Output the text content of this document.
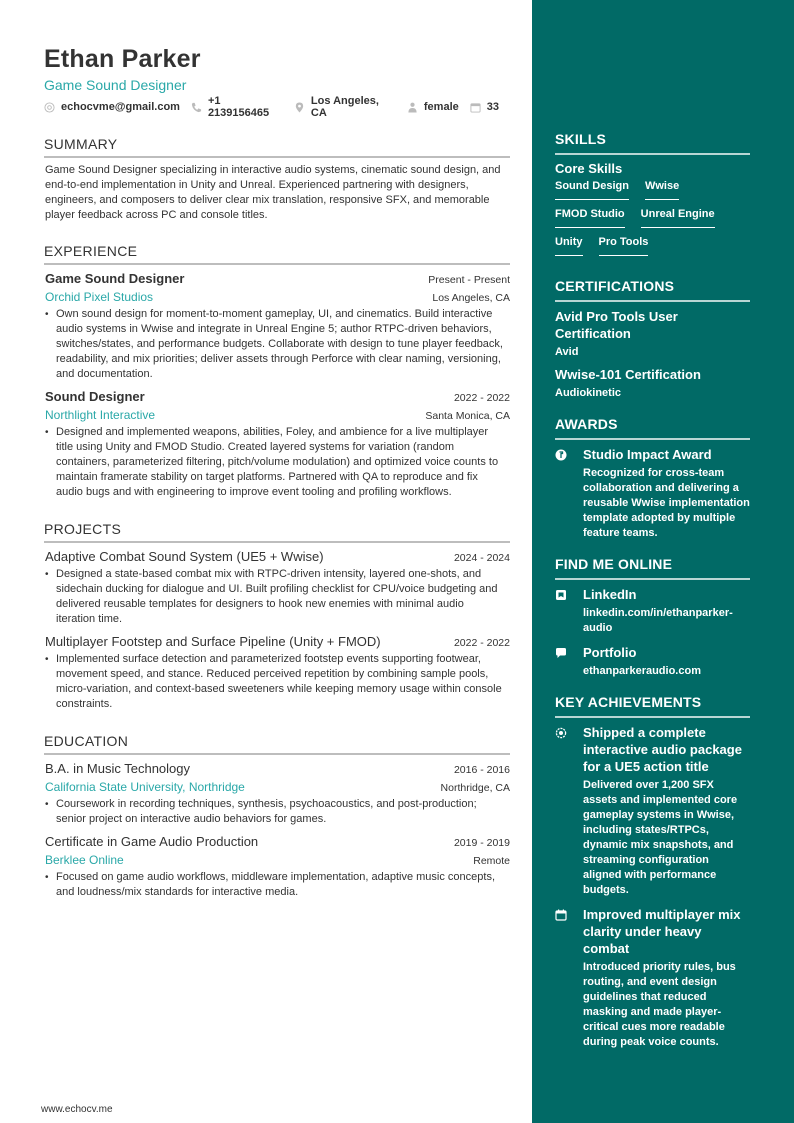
Ethan Parker
Game Sound Designer
echocvme@gmail.com	+1 2139156465
Los Angeles, CA	female	33
SUMMARY
Game Sound Designer specializing in interactive audio systems, cinematic sound design, and end-to-end implementation in Unity and Unreal. Experienced partnering with designers, engineers, and composers to deliver clear mix translation, responsive SFX, and memorable player feedback across PC and console titles.
EXPERIENCE
Game Sound Designer	Present - Present
Orchid Pixel Studios	Los Angeles, CA
• Own sound design for moment-to-moment gameplay, UI, and cinematics. Build interactive audio systems in Wwise and integrate in Unreal Engine 5; author RTPC-driven behaviors, switches/states, and performance budgets. Collaborate with design to tune player feedback, readability, and mix priorities; deliver assets through Perforce with clear naming, versioning, and documentation.
Sound Designer	2022 - 2022
Northlight Interactive	Santa Monica, CA
• Designed and implemented weapons, abilities, Foley, and ambience for a live multiplayer title using Unity and FMOD Studio. Created layered systems for variation (random containers, parameterized filtering, pitch/volume modulation) and optimized voice counts to maintain framerate stability on target platforms. Partnered with QA to reproduce and fix audio bugs and with engineering to improve event tooling and profiling workflows.
PROJECTS
Adaptive Combat Sound System (UE5 + Wwise)	2024 - 2024
• Designed a state-based combat mix with RTPC-driven intensity, layered one-shots, and sidechain ducking for dialogue and UI. Built profiling checklist for CPU/voice budgeting and delivered reusable templates for designers to hook new enemies with minimal audio iteration time.
Multiplayer Footstep and Surface Pipeline (Unity + FMOD)	2022 - 2022
• Implemented surface detection and parameterized footstep events supporting footwear, movement speed, and stance. Reduced perceived repetition by combining sample pools, micro-variation, and context-based sweeteners while keeping memory usage within console constraints.
EDUCATION
B.A. in Music Technology	2016 - 2016
California State University, Northridge	Northridge, CA
• Coursework in recording techniques, synthesis, psychoacoustics, and post-production; senior project on interactive audio behaviors for games.
Certificate in Game Audio Production	2019 - 2019
Berklee Online	Remote
• Focused on game audio workflows, middleware implementation, adaptive music concepts, and loudness/mix standards for interactive media.
www.echocv.me
SKILLS
Core Skills
Sound Design Wwise
FMOD Studio Unreal Engine
Unity Pro Tools
CERTIFICATIONS
Avid Pro Tools User Certification
Avid
Wwise-101 Certification
Audiokinetic
AWARDS
Studio Impact Award
Recognized for cross-team collaboration and delivering a reusable Wwise implementation template adopted by multiple feature teams.
FIND ME ONLINE
LinkedIn
linkedin.com/in/ethanparker-audio
Portfolio
ethanparkeraudio.com
KEY ACHIEVEMENTS
Shipped a complete interactive audio package for a UE5 action title
Delivered over 1,200 SFX assets and implemented core gameplay systems in Wwise, including states/RTPCs, dynamic mix snapshots, and streaming configuration aligned with performance budgets.
Improved multiplayer mix clarity under heavy combat
Introduced priority rules, bus routing, and event design guidelines that reduced masking and made player-critical cues more readable during peak voice counts.
